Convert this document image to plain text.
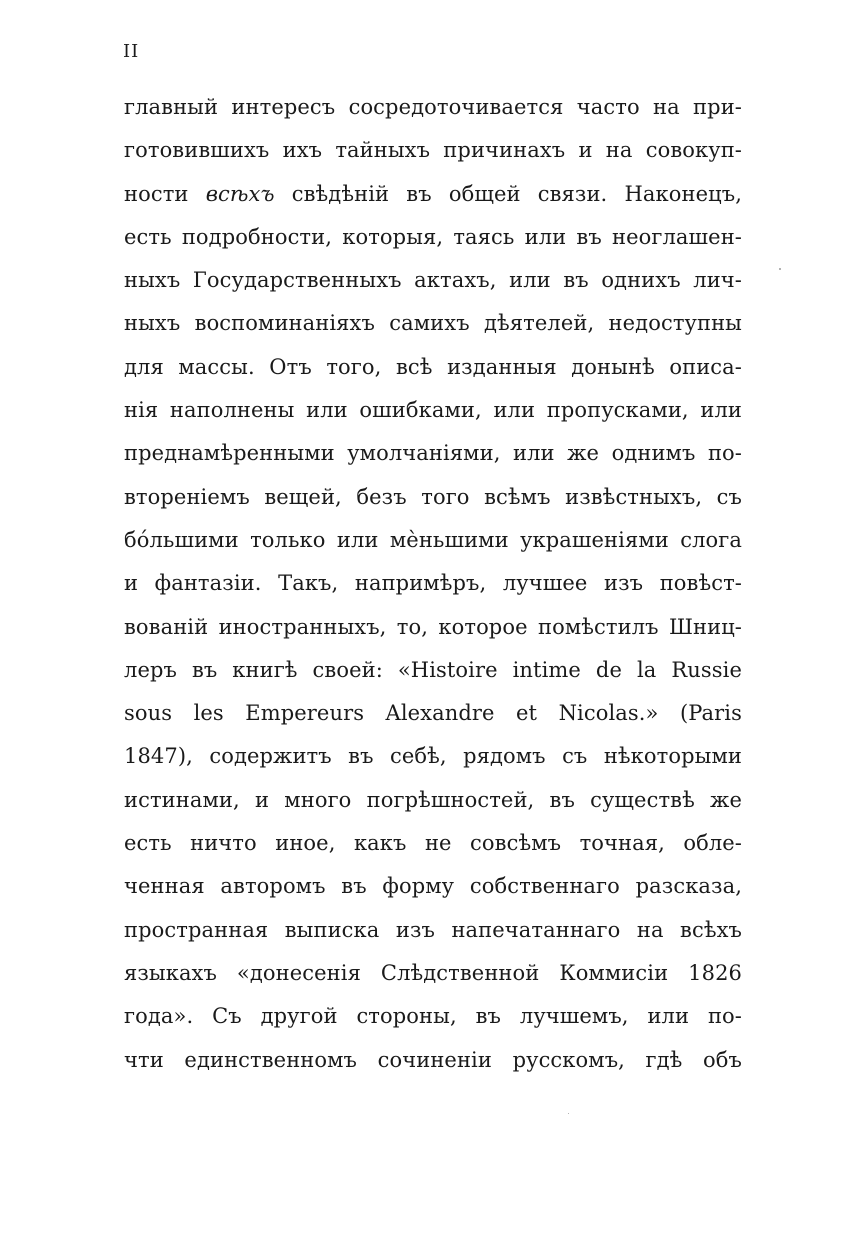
II
главный интересъ сосредоточивается часто на при-
готовившихъ ихъ тайныхъ причинахъ и на совокуп-
ности всѣхъ свѣдѣній въ общей связи. Наконецъ,
есть подробности, которыя, таясь или въ неоглашен-
ныхъ Государственныхъ актахъ, или въ однихъ лич-
ныхъ воспоминаніяхъ самихъ дѣятелей, недоступны
для массы. Отъ того, всѣ изданныя донынѣ описа-
нія наполнены или ошибками, или пропусками, или
преднамѣренными умолчаніями, или же однимъ по-
втореніемъ вещей, безъ того всѣмъ извѣстныхъ, съ
бо́льшими только или мѐньшими украшеніями слога
и фантазіи. Такъ, напримѣръ, лучшее изъ повѣст-
вованій иностранныхъ, то, которое помѣстилъ Шниц-
леръ въ книгѣ своей: «Histoire intime de la Russie
sous les Empereurs Alexandre et Nicolas.» (Paris
1847), содержитъ въ себѣ, рядомъ съ нѣкоторыми
истинами, и много погрѣшностей, въ существѣ же
есть ничто иное, какъ не совсѣмъ точная, обле-
ченная авторомъ въ форму собственнаго разсказа,
пространная выписка изъ напечатаннаго на всѣхъ
языкахъ «донесенія Слѣдственной Коммисіи 1826
года». Съ другой стороны, въ лучшемъ, или по-
чти единственномъ сочиненіи русскомъ, гдѣ объ
